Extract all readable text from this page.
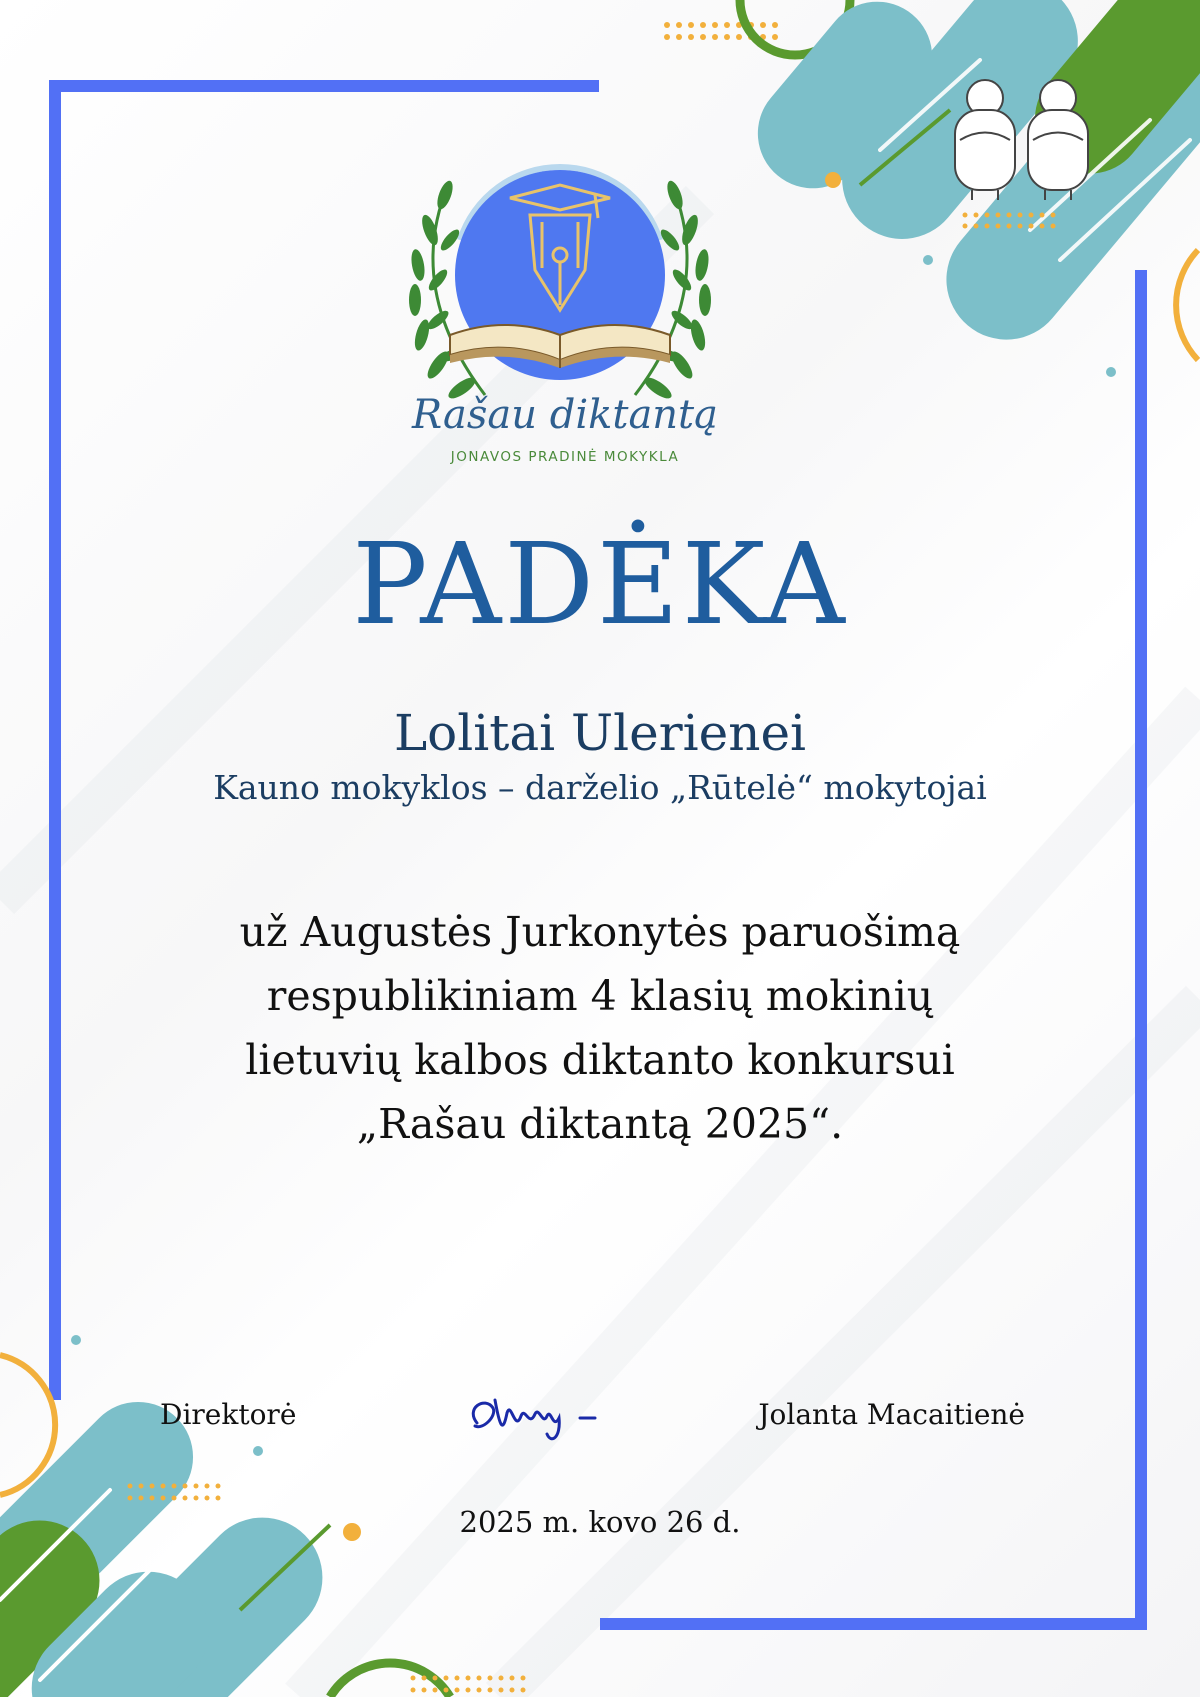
Rašau diktantą
JONAVOS PRADINĖ MOKYKLA
PADĖKA
Lolitai Ulerienei
Kauno mokyklos – darželio „Rūtelė“ mokytojai
už Augustės Jurkonytės paruošimą
respublikiniam 4 klasių mokinių
lietuvių kalbos diktanto konkursui
„Rašau diktantą 2025“.
Direktorė	Jolanta Macaitienė
2025 m. kovo 26 d.
